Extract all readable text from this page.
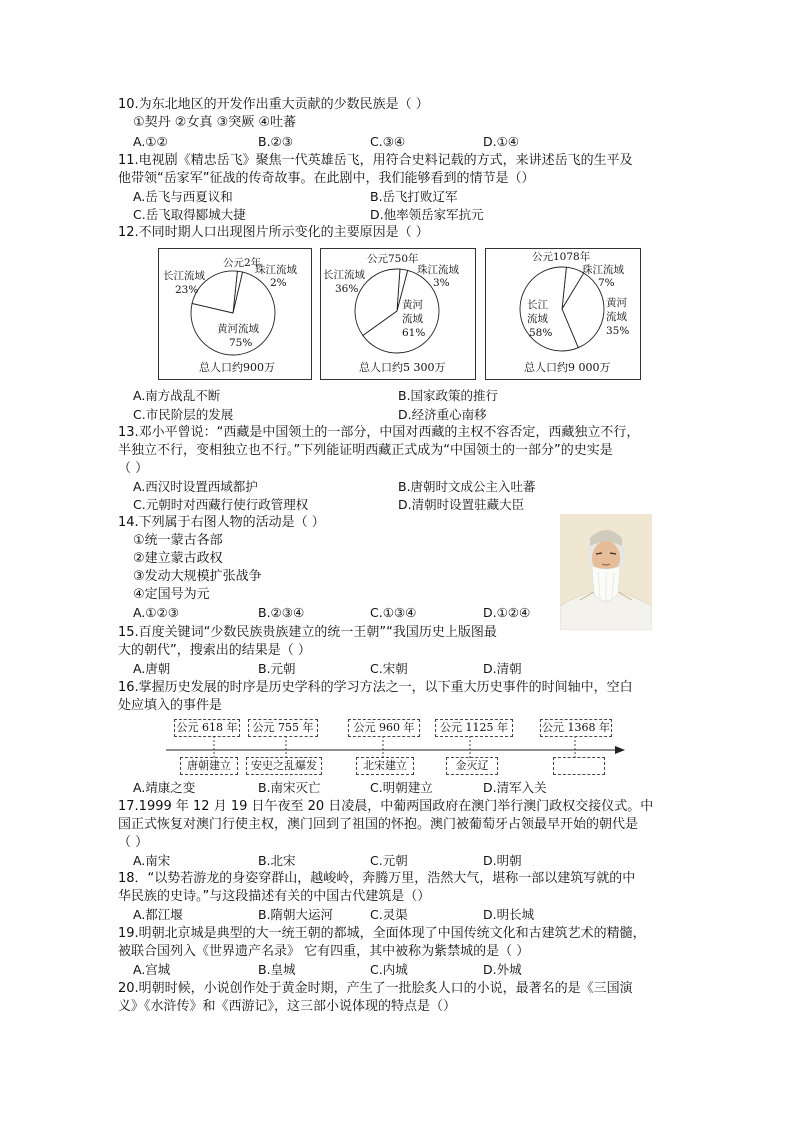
10.为东北地区的开发作出重大贡献的少数民族是（ ）
①契丹 ②女真 ③突厥 ④吐蕃
A.①②	B.②③	C.③④	D.①④
11.电视剧《精忠岳飞》聚焦一代英雄岳飞，用符合史料记载的方式，来讲述岳飞的生平及
他带领“岳家军”征战的传奇故事。在此剧中，我们能够看到的情节是（）
A.岳飞与西夏议和	B.岳飞打败辽军
C.岳飞取得郾城大捷	D.他率领岳家军抗元
12.不同时期人口出现图片所示变化的主要原因是（ ）
公元2年
长江流域
23%
珠江流域
2%
黄河流域
75%
总人口约900万
公元750年
长江流域
36%
珠江流域
3%
黄河
流域
61%
总人口约5 300万
公元1078年
珠江流域
7%
黄河
流域
35%
长江
流域
58%
总人口约9 000万
A.南方战乱不断	B.国家政策的推行
C.市民阶层的发展	D.经济重心南移
13.邓小平曾说：“西藏是中国领土的一部分，中国对西藏的主权不容否定，西藏独立不行，
半独立不行，变相独立也不行。”下列能证明西藏正式成为“中国领土的一部分”的史实是
（ ）
A.西汉时设置西域都护	B.唐朝时文成公主入吐蕃
C.元朝时对西藏行使行政管理权	D.清朝时设置驻藏大臣
14.下列属于右图人物的活动是（ ）
①统一蒙古各部
②建立蒙古政权
③发动大规模扩张战争
④定国号为元
A.①②③	B.②③④	C.①③④	D.①②④
15.百度关键词“少数民族贵族建立的统一王朝”“我国历史上版图最
大的朝代”，搜索出的结果是（ ）
A.唐朝	B.元朝	C.宋朝	D.清朝
16.掌握历史发展的时序是历史学科的学习方法之一，以下重大历史事件的时间轴中，空白
处应填入的事件是
公元 618 年	公元 755 年	公元 960 年	公元 1125 年	公元 1368 年
唐朝建立	安史之乱爆发	北宋建立	金灭辽
A.靖康之变	B.南宋灭亡	C.明朝建立	D.清军入关
17.1999 年 12 月 19 日午夜至 20 日凌晨，中葡两国政府在澳门举行澳门政权交接仪式。中
国正式恢复对澳门行使主权，澳门回到了祖国的怀抱。澳门被葡萄牙占领最早开始的朝代是
（ ）
A.南宋	B.北宋	C.元朝	D.明朝
18．“以势若游龙的身姿穿群山，越峻岭，奔腾万里，浩然大气，堪称一部以建筑写就的中
华民族的史诗。”与这段描述有关的中国古代建筑是（）
A.都江堰	B.隋朝大运河	C.灵渠	D.明长城
19.明朝北京城是典型的大一统王朝的都城，全面体现了中国传统文化和古建筑艺术的精髓，
被联合国列入《世界遗产名录》 它有四重，其中被称为紫禁城的是（ ）
A.宫城	B.皇城	C.内城	D.外城
20.明朝时候，小说创作处于黄金时期，产生了一批脍炙人口的小说，最著名的是《三国演
义》《水浒传》和《西游记》，这三部小说体现的特点是（）
